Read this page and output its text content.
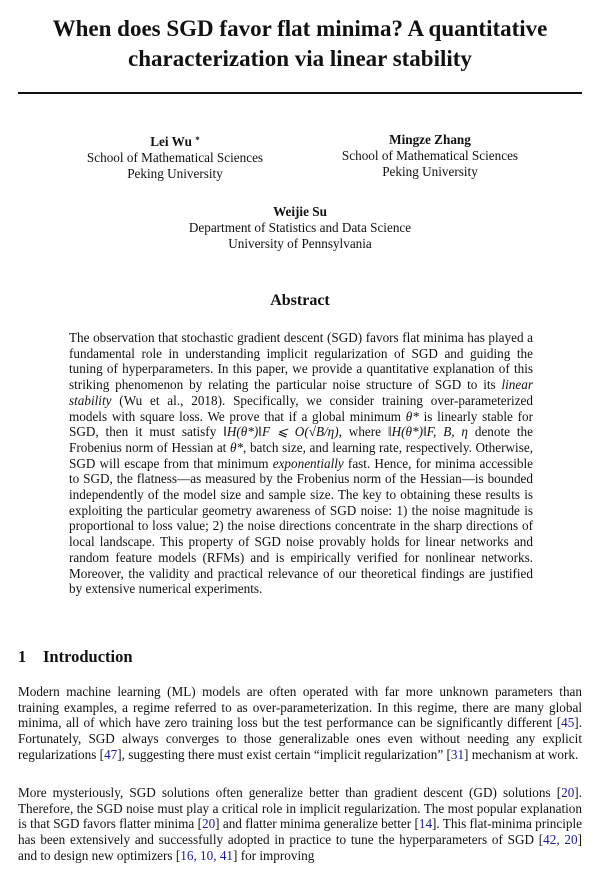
When does SGD favor flat minima? A quantitative
characterization via linear stability
Lei Wu *
School of Mathematical Sciences
Peking University
Mingze Zhang
School of Mathematical Sciences
Peking University
Weijie Su
Department of Statistics and Data Science
University of Pennsylvania
Abstract
The observation that stochastic gradient descent (SGD) favors flat minima has played a fundamental role in understanding implicit regularization of SGD and guiding the tuning of hyperparameters. In this paper, we provide a quantitative explanation of this striking phenomenon by relating the particular noise structure of SGD to its linear stability (Wu et al., 2018). Specifically, we consider training over-parameterized models with square loss. We prove that if a global minimum θ* is linearly stable for SGD, then it must satisfy ‖H(θ*)‖F ⩽ O(√B/η), where ‖H(θ*)‖F, B, η denote the Frobenius norm of Hessian at θ*, batch size, and learning rate, respectively. Otherwise, SGD will escape from that minimum exponentially fast. Hence, for minima accessible to SGD, the flatness—as measured by the Frobenius norm of the Hessian—is bounded independently of the model size and sample size. The key to obtaining these results is exploiting the particular geometry awareness of SGD noise: 1) the noise magnitude is proportional to loss value; 2) the noise directions concentrate in the sharp directions of local landscape. This property of SGD noise provably holds for linear networks and random feature models (RFMs) and is empirically verified for nonlinear networks. Moreover, the validity and practical relevance of our theoretical findings are justified by extensive numerical experiments.
1 Introduction
Modern machine learning (ML) models are often operated with far more unknown parameters than training examples, a regime referred to as over-parameterization. In this regime, there are many global minima, all of which have zero training loss but the test performance can be significantly different [45]. Fortunately, SGD always converges to those generalizable ones even without needing any explicit regularizations [47], suggesting there must exist certain “implicit regularization” [31] mechanism at work.
More mysteriously, SGD solutions often generalize better than gradient descent (GD) solutions [20]. Therefore, the SGD noise must play a critical role in implicit regularization. The most popular explanation is that SGD favors flatter minima [20] and flatter minima generalize better [14]. This flat-minima principle has been extensively and successfully adopted in practice to tune the hyperparameters of SGD [42, 20] and to design new optimizers [16, 10, 41] for improving
